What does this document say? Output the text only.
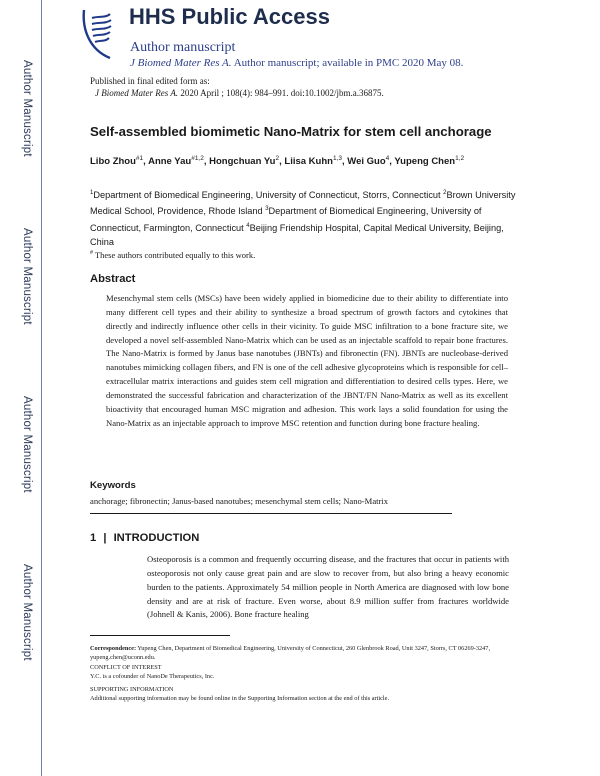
Author Manuscript
Author Manuscript
Author Manuscript
Author Manuscript
HHS Public Access
Author manuscript
J Biomed Mater Res A. Author manuscript; available in PMC 2020 May 08.
Published in final edited form as:
J Biomed Mater Res A. 2020 April ; 108(4): 984–991. doi:10.1002/jbm.a.36875.
Self-assembled biomimetic Nano-Matrix for stem cell anchorage
Libo Zhou$^{\#1}$, Anne Yau$^{\#1,2}$, Hongchuan Yu$^2$, Liisa Kuhn$^{1,3}$, Wei Guo$^4$, Yupeng Chen$^{1,2}$
$^1$Department of Biomedical Engineering, University of Connecticut, Storrs, Connecticut $^2$Brown University Medical School, Providence, Rhode Island $^3$Department of Biomedical Engineering, University of Connecticut, Farmington, Connecticut $^4$Beijing Friendship Hospital, Capital Medical University, Beijing, China
# These authors contributed equally to this work.
Abstract
Mesenchymal stem cells (MSCs) have been widely applied in biomedicine due to their ability to differentiate into many different cell types and their ability to synthesize a broad spectrum of growth factors and cytokines that directly and indirectly influence other cells in their vicinity. To guide MSC infiltration to a bone fracture site, we developed a novel self-assembled Nano-Matrix which can be used as an injectable scaffold to repair bone fractures. The Nano-Matrix is formed by Janus base nanotubes (JBNTs) and fibronectin (FN). JBNTs are nucleobase-derived nanotubes mimicking collagen fibers, and FN is one of the cell adhesive glycoproteins which is responsible for cell–extracellular matrix interactions and guides stem cell migration and differentiation to desired cells types. Here, we demonstrated the successful fabrication and characterization of the JBNT/FN Nano-Matrix as well as its excellent bioactivity that encouraged human MSC migration and adhesion. This work lays a solid foundation for using the Nano-Matrix as an injectable approach to improve MSC retention and function during bone fracture healing.
Keywords
anchorage; fibronectin; Janus-based nanotubes; mesenchymal stem cells; Nano-Matrix
1 | INTRODUCTION
Osteoporosis is a common and frequently occurring disease, and the fractures that occur in patients with osteoporosis not only cause great pain and are slow to recover from, but also bring a heavy economic burden to the patients. Approximately 54 million people in North America are diagnosed with low bone density and are at risk of fracture. Even worse, about 8.9 million suffer from fractures worldwide (Johnell & Kanis, 2006). Bone fracture healing
Correspondence: Yupeng Chen, Department of Biomedical Engineering, University of Connecticut, 260 Glenbrook Road, Unit 3247, Storrs, CT 06269-3247, yupeng.chen@uconn.edu.
CONFLICT OF INTEREST
Y.C. is a cofounder of NanoDe Therapeutics, Inc.
SUPPORTING INFORMATION
Additional supporting information may be found online in the Supporting Information section at the end of this article.
